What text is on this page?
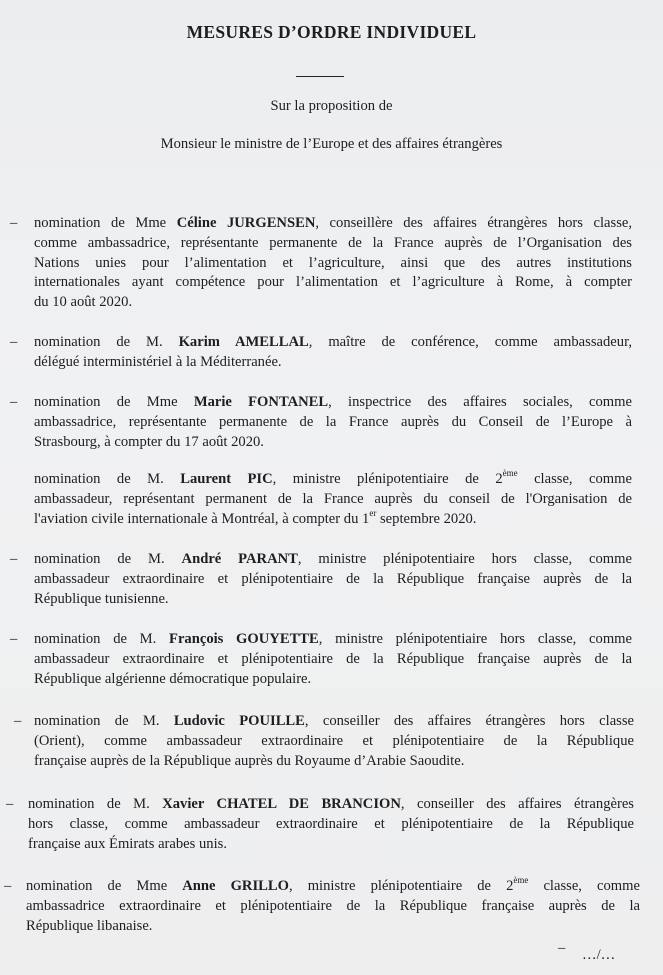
MESURES D’ORDRE INDIVIDUEL
Sur la proposition de
Monsieur le ministre de l’Europe et des affaires étrangères
– nomination de Mme Céline JURGENSEN, conseillère des affaires étrangères hors classe,
comme ambassadrice, représentante permanente de la France auprès de l’Organisation des
Nations unies pour l’alimentation et l’agriculture, ainsi que des autres institutions
internationales ayant compétence pour l’alimentation et l’agriculture à Rome, à compter
du 10 août 2020.
– nomination de M. Karim AMELLAL, maître de conférence, comme ambassadeur,
délégué interministériel à la Méditerranée.
– nomination de Mme Marie FONTANEL, inspectrice des affaires sociales, comme
ambassadrice, représentante permanente de la France auprès du Conseil de l’Europe à
Strasbourg, à compter du 17 août 2020.
nomination de M. Laurent PIC, ministre plénipotentiaire de 2ème classe, comme
ambassadeur, représentant permanent de la France auprès du conseil de l'Organisation de
l'aviation civile internationale à Montréal, à compter du 1er septembre 2020.
– nomination de M. André PARANT, ministre plénipotentiaire hors classe, comme
ambassadeur extraordinaire et plénipotentiaire de la République française auprès de la
République tunisienne.
– nomination de M. François GOUYETTE, ministre plénipotentiaire hors classe, comme
ambassadeur extraordinaire et plénipotentiaire de la République française auprès de la
République algérienne démocratique populaire.
– nomination de M. Ludovic POUILLE, conseiller des affaires étrangères hors classe
(Orient), comme ambassadeur extraordinaire et plénipotentiaire de la République
française auprès de la République auprès du Royaume d’Arabie Saoudite.
– nomination de M. Xavier CHATEL DE BRANCION, conseiller des affaires étrangères
hors classe, comme ambassadeur extraordinaire et plénipotentiaire de la République
française aux Émirats arabes unis.
– nomination de Mme Anne GRILLO, ministre plénipotentiaire de 2ème classe, comme
ambassadrice extraordinaire et plénipotentiaire de la République française auprès de la
République libanaise.
– …/…
